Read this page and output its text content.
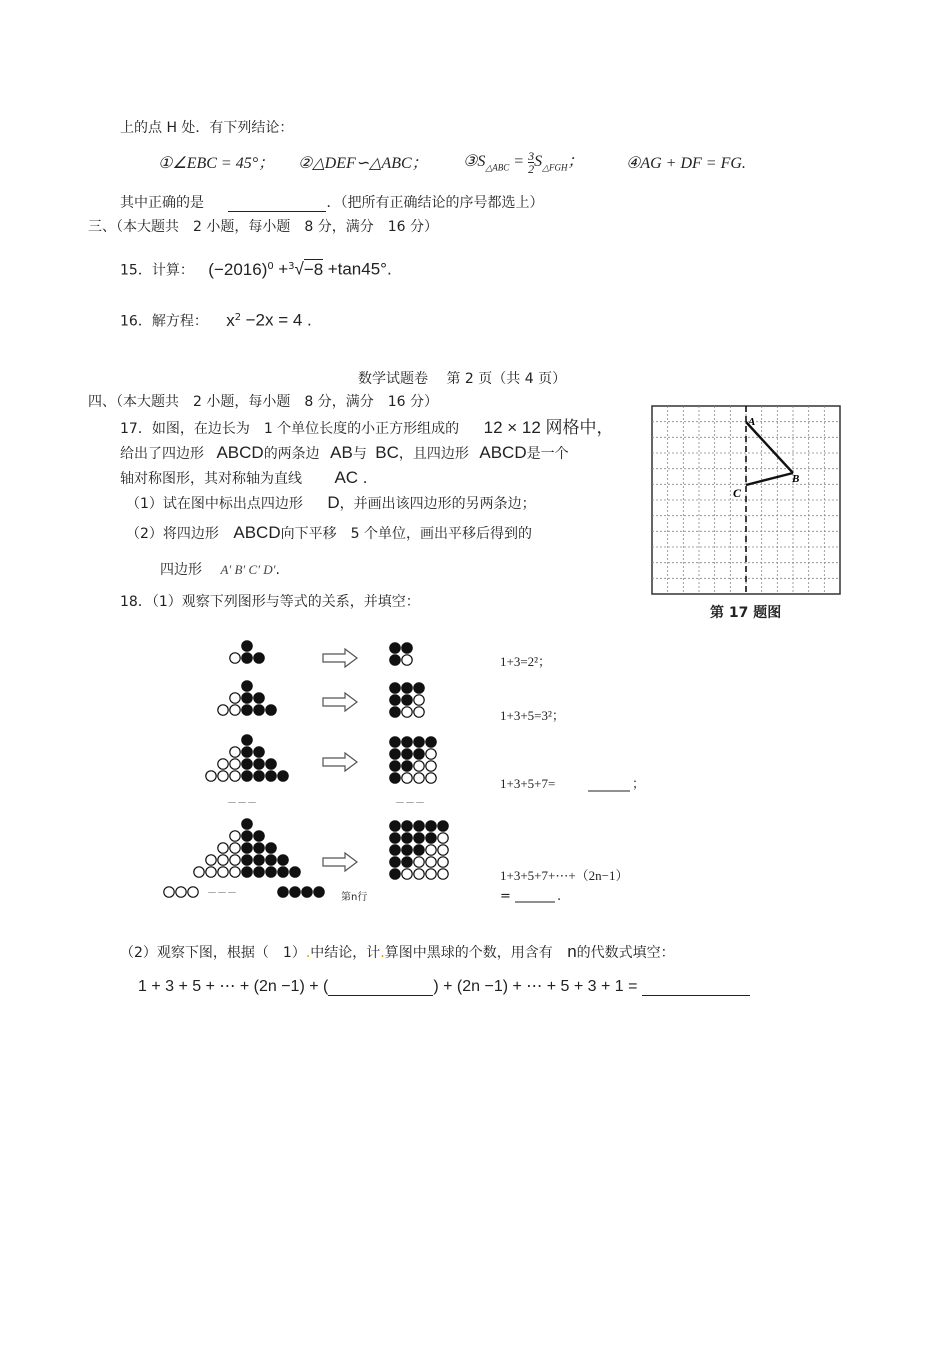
上的点 H 处．有下列结论：
①∠EBC = 45°； ②△DEF∽△ABC； $③S_{\triangle ABC} = \frac{3}{2} S_{\triangle FGH}$；	④AG + DF = FG.
其中正确的是	．（把所有正确结论的序号都选上）
三、（本大题共　2 小题，每小题　8 分，满分　16 分）
15．计算： $(-2016)^0 +^3√-8 +\tan 45^\circ$.
16．解方程： $x^2 -2x = 4$ .
数学试题卷　 第 2 页（共 4 页）
四、（本大题共　2 小题，每小题　8 分，满分　16 分）
17．如图，在边长为　1 个单位长度的小正方形组成的 12 × 12 网格中，
给出了四边形 ABCD的两条边 AB与 BC，且四边形 ABCD是一个
轴对称图形，其对称轴为直线 AC .
（1）试在图中标出点四边形 D，并画出该四边形的另两条边；
（2）将四边形 ABCD向下平移　5 个单位，画出平移后得到的
四边形 A′ B′ C′ D′.
A
B
C
第 17 题图
18．（1）观察下列图形与等式的关系，并填空：
－－－
1+3=2²；
1+3+5=3²；
1+3+5+7=	；
1+3+5+7+⋯+（2n−1）
=	.
第n行
－－－	－－－
（2）观察下图，根据（　1）.中结论，计.算图中黑球的个数，用含有 n的代数式填空：
1 + 3 + 5 + ⋯ + (2n −1) + (	) + (2n −1) + ⋯ + 5 + 3 + 1 =
